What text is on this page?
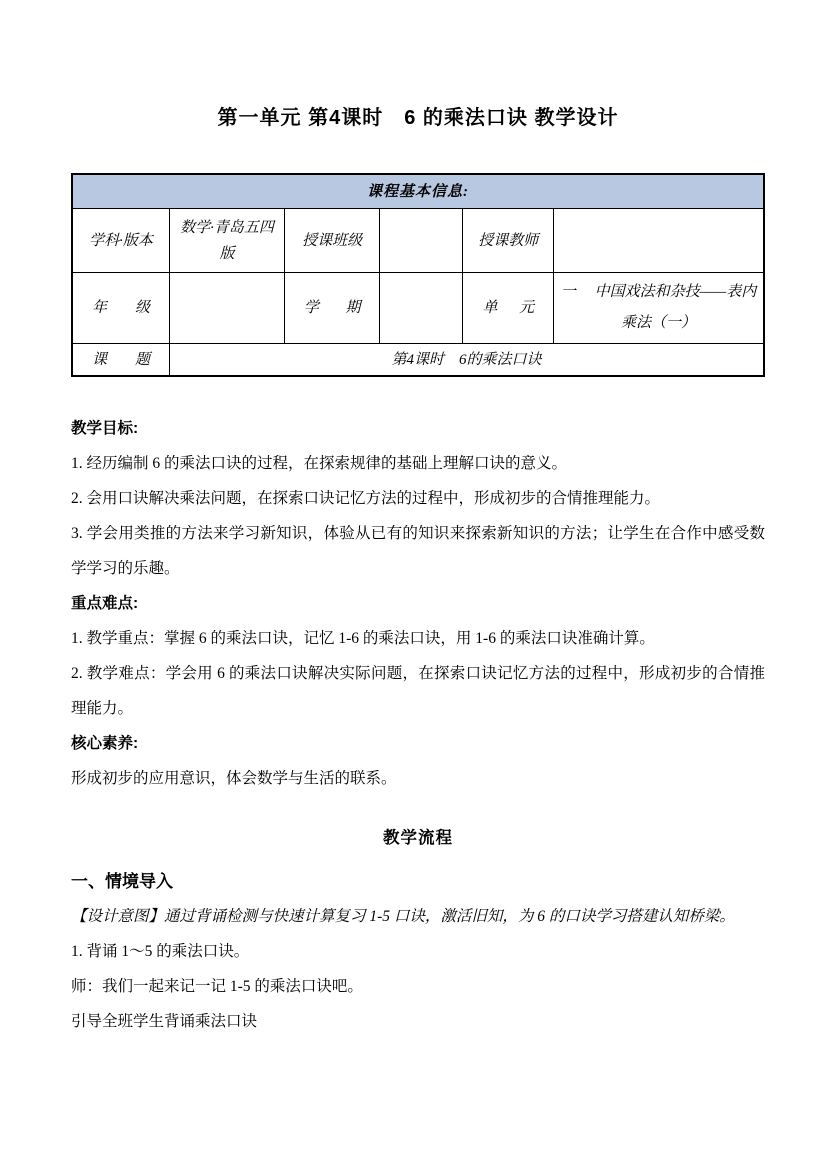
第一单元 第4课时　6 的乘法口诀 教学设计
课程基本信息:					
学科·版本	数学·青岛五四版	授课班级		授课教师	

年 级		学 期		单 元	一　 中国戏法和杂技——表内乘法（一）

课 题	第4课时　6的乘法口诀				

教学目标:

1. 经历编制 6 的乘法口诀的过程，在探索规律的基础上理解口诀的意义。

2. 会用口诀解决乘法问题，在探索口诀记忆方法的过程中，形成初步的合情推理能力。

3. 学会用类推的方法来学习新知识，体验从已有的知识来探索新知识的方法；让学生在合作中感受数学学习的乐趣。

重点难点:

1. 教学重点：掌握 6 的乘法口诀，记忆 1-6 的乘法口诀，用 1-6 的乘法口诀准确计算。

2. 教学难点：学会用 6 的乘法口诀解决实际问题，在探索口诀记忆方法的过程中，形成初步的合情推理能力。

核心素养:

形成初步的应用意识，体会数学与生活的联系。

教学流程

一、情境导入

【设计意图】通过背诵检测与快速计算复习 1-5 口诀，激活旧知，为 6 的口诀学习搭建认知桥梁。

1. 背诵 1～5 的乘法口诀。

师：我们一起来记一记 1-5 的乘法口诀吧。

引导全班学生背诵乘法口诀
